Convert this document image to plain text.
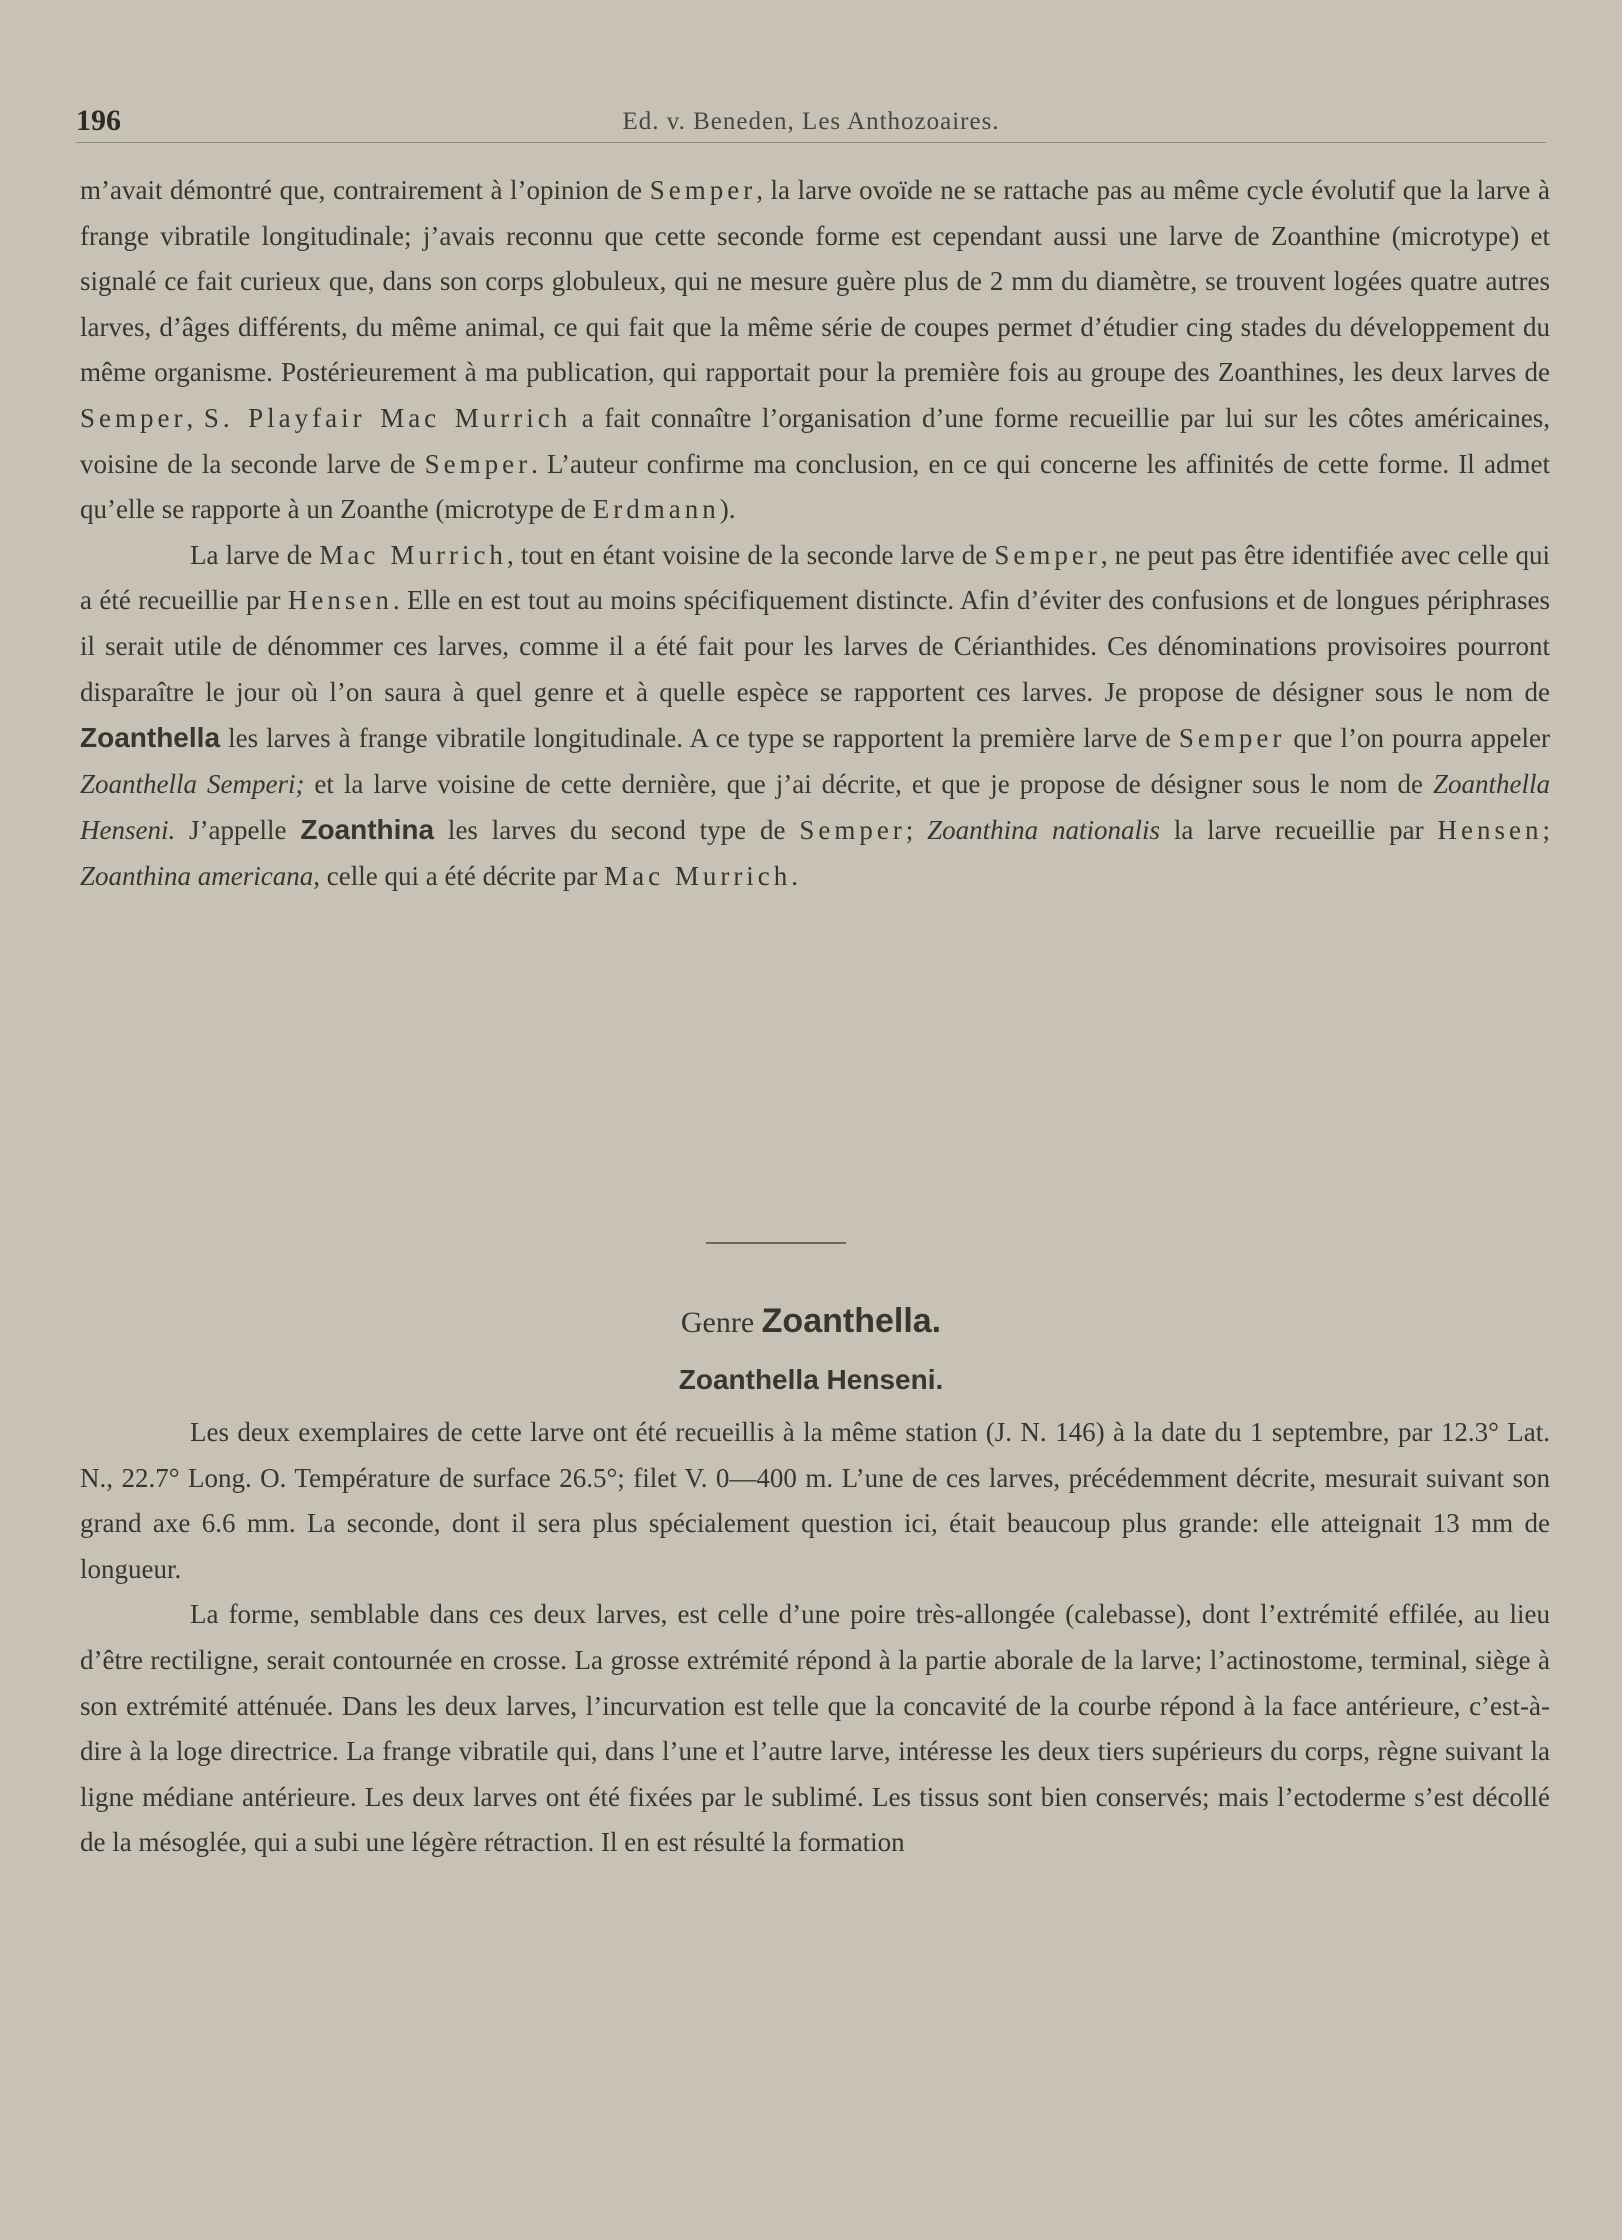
196	Ed. v. Beneden, Les Anthozoaires.

m’avait démontré que, contrairement à l’opinion de Semper, la larve ovoïde ne se rattache pas au même cycle évolutif que la larve à frange vibratile longitudinale; j’avais reconnu que cette seconde forme est cependant aussi une larve de Zoanthine (microtype) et signalé ce fait curieux que, dans son corps globuleux, qui ne mesure guère plus de 2 mm du diamètre, se trouvent logées quatre autres larves, d’âges différents, du même animal, ce qui fait que la même série de coupes permet d’étudier cing stades du développement du même organisme. Postérieurement à ma publication, qui rapportait pour la première fois au groupe des Zoanthines, les deux larves de Semper, S. Playfair Mac Murrich a fait connaître l’organisation d’une forme recueillie par lui sur les côtes américaines, voisine de la seconde larve de Semper. L’auteur confirme ma conclusion, en ce qui concerne les affinités de cette forme. Il admet qu’elle se rapporte à un Zoanthe (microtype de Erdmann).

La larve de Mac Murrich, tout en étant voisine de la seconde larve de Semper, ne peut pas être identifiée avec celle qui a été recueillie par Hensen. Elle en est tout au moins spécifiquement distincte. Afin d’éviter des confusions et de longues périphrases il serait utile de dénommer ces larves, comme il a été fait pour les larves de Cérianthides. Ces dénominations provisoires pourront disparaître le jour où l’on saura à quel genre et à quelle espèce se rapportent ces larves. Je propose de désigner sous le nom de Zoanthella les larves à frange vibratile longitudinale. A ce type se rapportent la première larve de Semper que l’on pourra appeler Zoanthella Semperi; et la larve voisine de cette dernière, que j’ai décrite, et que je propose de désigner sous le nom de Zoanthella Henseni. J’appelle Zoanthina les larves du second type de Semper; Zoanthina nationalis la larve recueillie par Hensen; Zoanthina americana, celle qui a été décrite par Mac Murrich.

Genre Zoanthella.
Zoanthella Henseni.

Les deux exemplaires de cette larve ont été recueillis à la même station (J. N. 146) à la date du 1 septembre, par 12.3° Lat. N., 22.7° Long. O. Température de surface 26.5°; filet V. 0—400 m. L’une de ces larves, précédemment décrite, mesurait suivant son grand axe 6.6 mm. La seconde, dont il sera plus spécialement question ici, était beaucoup plus grande: elle atteignait 13 mm de longueur.

La forme, semblable dans ces deux larves, est celle d’une poire très-allongée (calebasse), dont l’extrémité effilée, au lieu d’être rectiligne, serait contournée en crosse. La grosse extrémité répond à la partie aborale de la larve; l’actinostome, terminal, siège à son extrémité atténuée. Dans les deux larves, l’incurvation est telle que la concavité de la courbe répond à la face antérieure, c’est-à-dire à la loge directrice. La frange vibratile qui, dans l’une et l’autre larve, intéresse les deux tiers supérieurs du corps, règne suivant la ligne médiane antérieure. Les deux larves ont été fixées par le sublimé. Les tissus sont bien conservés; mais l’ectoderme s’est décollé de la mésoglée, qui a subi une légère rétraction. Il en est résulté la formation
